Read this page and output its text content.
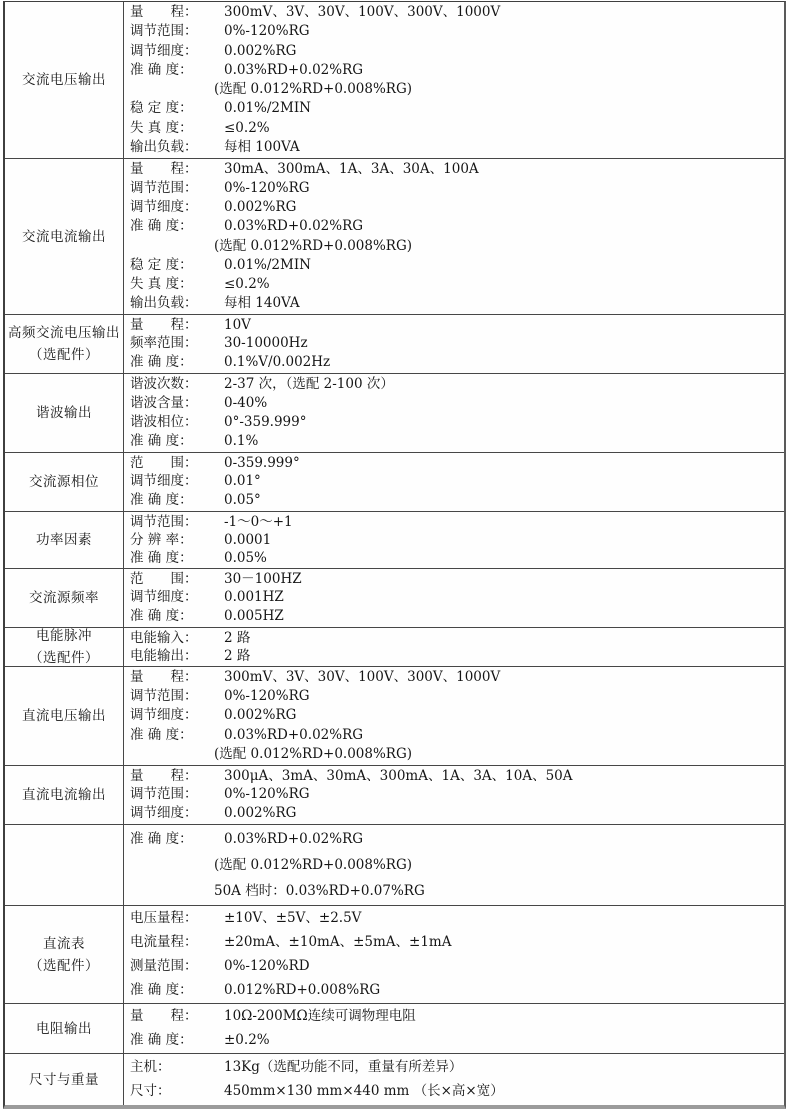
交流电压输出
量　　程：	300mV、3V、30V、100V、300V、1000V
调节范围：	0%-120%RG
调节细度：	0.002%RG
准 确 度：	0.03%RD+0.02%RG
(选配 0.012%RD+0.008%RG)
稳 定 度：	0.01%/2MIN
失 真 度：	≤0.2%
输出负载：	每相 100VA
交流电流输出
量　　程：	30mA、300mA、1A、3A、30A、100A
调节范围：	0%-120%RG
调节细度：	0.002%RG
准 确 度：	0.03%RD+0.02%RG
(选配 0.012%RD+0.008%RG)
稳 定 度：	0.01%/2MIN
失 真 度：	≤0.2%
输出负载：	每相 140VA
高频交流电压输出
（选配件）
量　　程：	10V
频率范围：	30-10000Hz
准 确 度：	0.1%V/0.002Hz
谐波输出
谐波次数：	2-37 次，（选配 2-100 次）
谐波含量：	0-40%
谐波相位：	0°-359.999°
准 确 度：	0.1%
交流源相位
范　　围：	0-359.999°
调节细度：	0.01°
准 确 度：	0.05°
功率因素
调节范围：	-1～0～+1
分 辨 率：	0.0001
准 确 度：	0.05%
交流源频率
范　　围：	30－100HZ
调节细度：	0.001HZ
准 确 度：	0.005HZ
电能脉冲
（选配件）
电能输入：	2 路
电能输出：	2 路
直流电压输出
量　　程：	300mV、3V、30V、100V、300V、1000V
调节范围：	0%-120%RG
调节细度：	0.002%RG
准 确 度：	0.03%RD+0.02%RG
(选配 0.012%RD+0.008%RG)
直流电流输出
量　　程：	300μA、3mA、30mA、300mA、1A、3A、10A、50A
调节范围：	0%-120%RG
调节细度：	0.002%RG
准 确 度：	0.03%RD+0.02%RG
(选配 0.012%RD+0.008%RG)
50A 档时：0.03%RD+0.07%RG
直流表
（选配件）
电压量程：	±10V、±5V、±2.5V
电流量程：	±20mA、±10mA、±5mA、±1mA
测量范围：	0%-120%RD
准 确 度：	0.012%RD+0.008%RG
电阻输出
量　　程：	10Ω-200MΩ连续可调物理电阻
准 确 度：	±0.2%
尺寸与重量
主机：	13Kg（选配功能不同，重量有所差异）
尺寸：	450mm×130 mm×440 mm （长×高×宽）
